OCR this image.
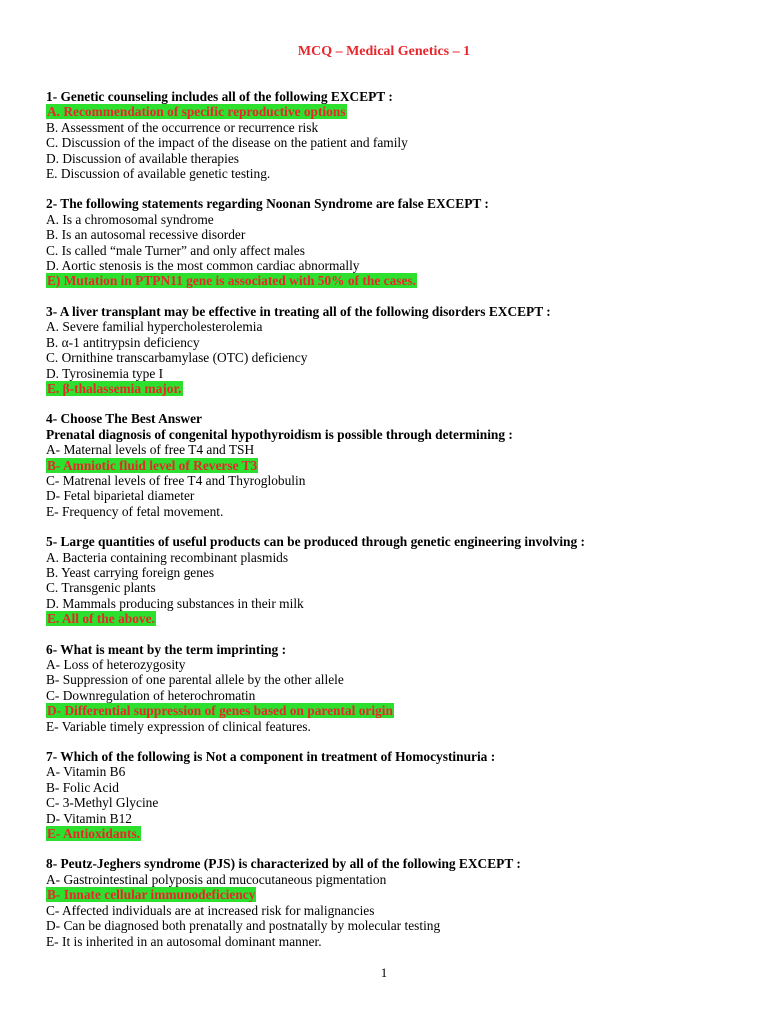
MCQ – Medical Genetics – 1
1- Genetic counseling includes all of the following EXCEPT :
A. Recommendation of specific reproductive options
B. Assessment of the occurrence or recurrence risk
C. Discussion of the impact of the disease on the patient and family
D. Discussion of available therapies
E. Discussion of available genetic testing.
2- The following statements regarding Noonan Syndrome are false EXCEPT :
A. Is a chromosomal syndrome
B. Is an autosomal recessive disorder
C. Is called “male Turner” and only affect males
D. Aortic stenosis is the most common cardiac abnormally
E) Mutation in PTPN11 gene is associated with 50% of the cases.
3- A liver transplant may be effective in treating all of the following disorders EXCEPT :
A. Severe familial hypercholesterolemia
B. α-1 antitrypsin deficiency
C. Ornithine transcarbamylase (OTC) deficiency
D. Tyrosinemia type I
E. β-thalassemia major.
4- Choose The Best Answer
Prenatal diagnosis of congenital hypothyroidism is possible through determining :
A- Maternal levels of free T4 and TSH
B- Amniotic fluid level of Reverse T3
C- Matrenal levels of free T4 and Thyroglobulin
D- Fetal biparietal diameter
E- Frequency of fetal movement.
5- Large quantities of useful products can be produced through genetic engineering involving :
A. Bacteria containing recombinant plasmids
B. Yeast carrying foreign genes
C. Transgenic plants
D. Mammals producing substances in their milk
E. All of the above.
6- What is meant by the term imprinting :
A- Loss of heterozygosity
B- Suppression of one parental allele by the other allele
C- Downregulation of heterochromatin
D- Differential suppression of genes based on parental origin
E- Variable timely expression of clinical features.
7- Which of the following is Not a component in treatment of Homocystinuria :
A- Vitamin B6
B- Folic Acid
C- 3-Methyl Glycine
D- Vitamin B12
E- Antioxidants.
8- Peutz-Jeghers syndrome (PJS) is characterized by all of the following EXCEPT :
A- Gastrointestinal polyposis and mucocutaneous pigmentation
B- Innate cellular immunodeficiency
C- Affected individuals are at increased risk for malignancies
D- Can be diagnosed both prenatally and postnatally by molecular testing
E- It is inherited in an autosomal dominant manner.
1
